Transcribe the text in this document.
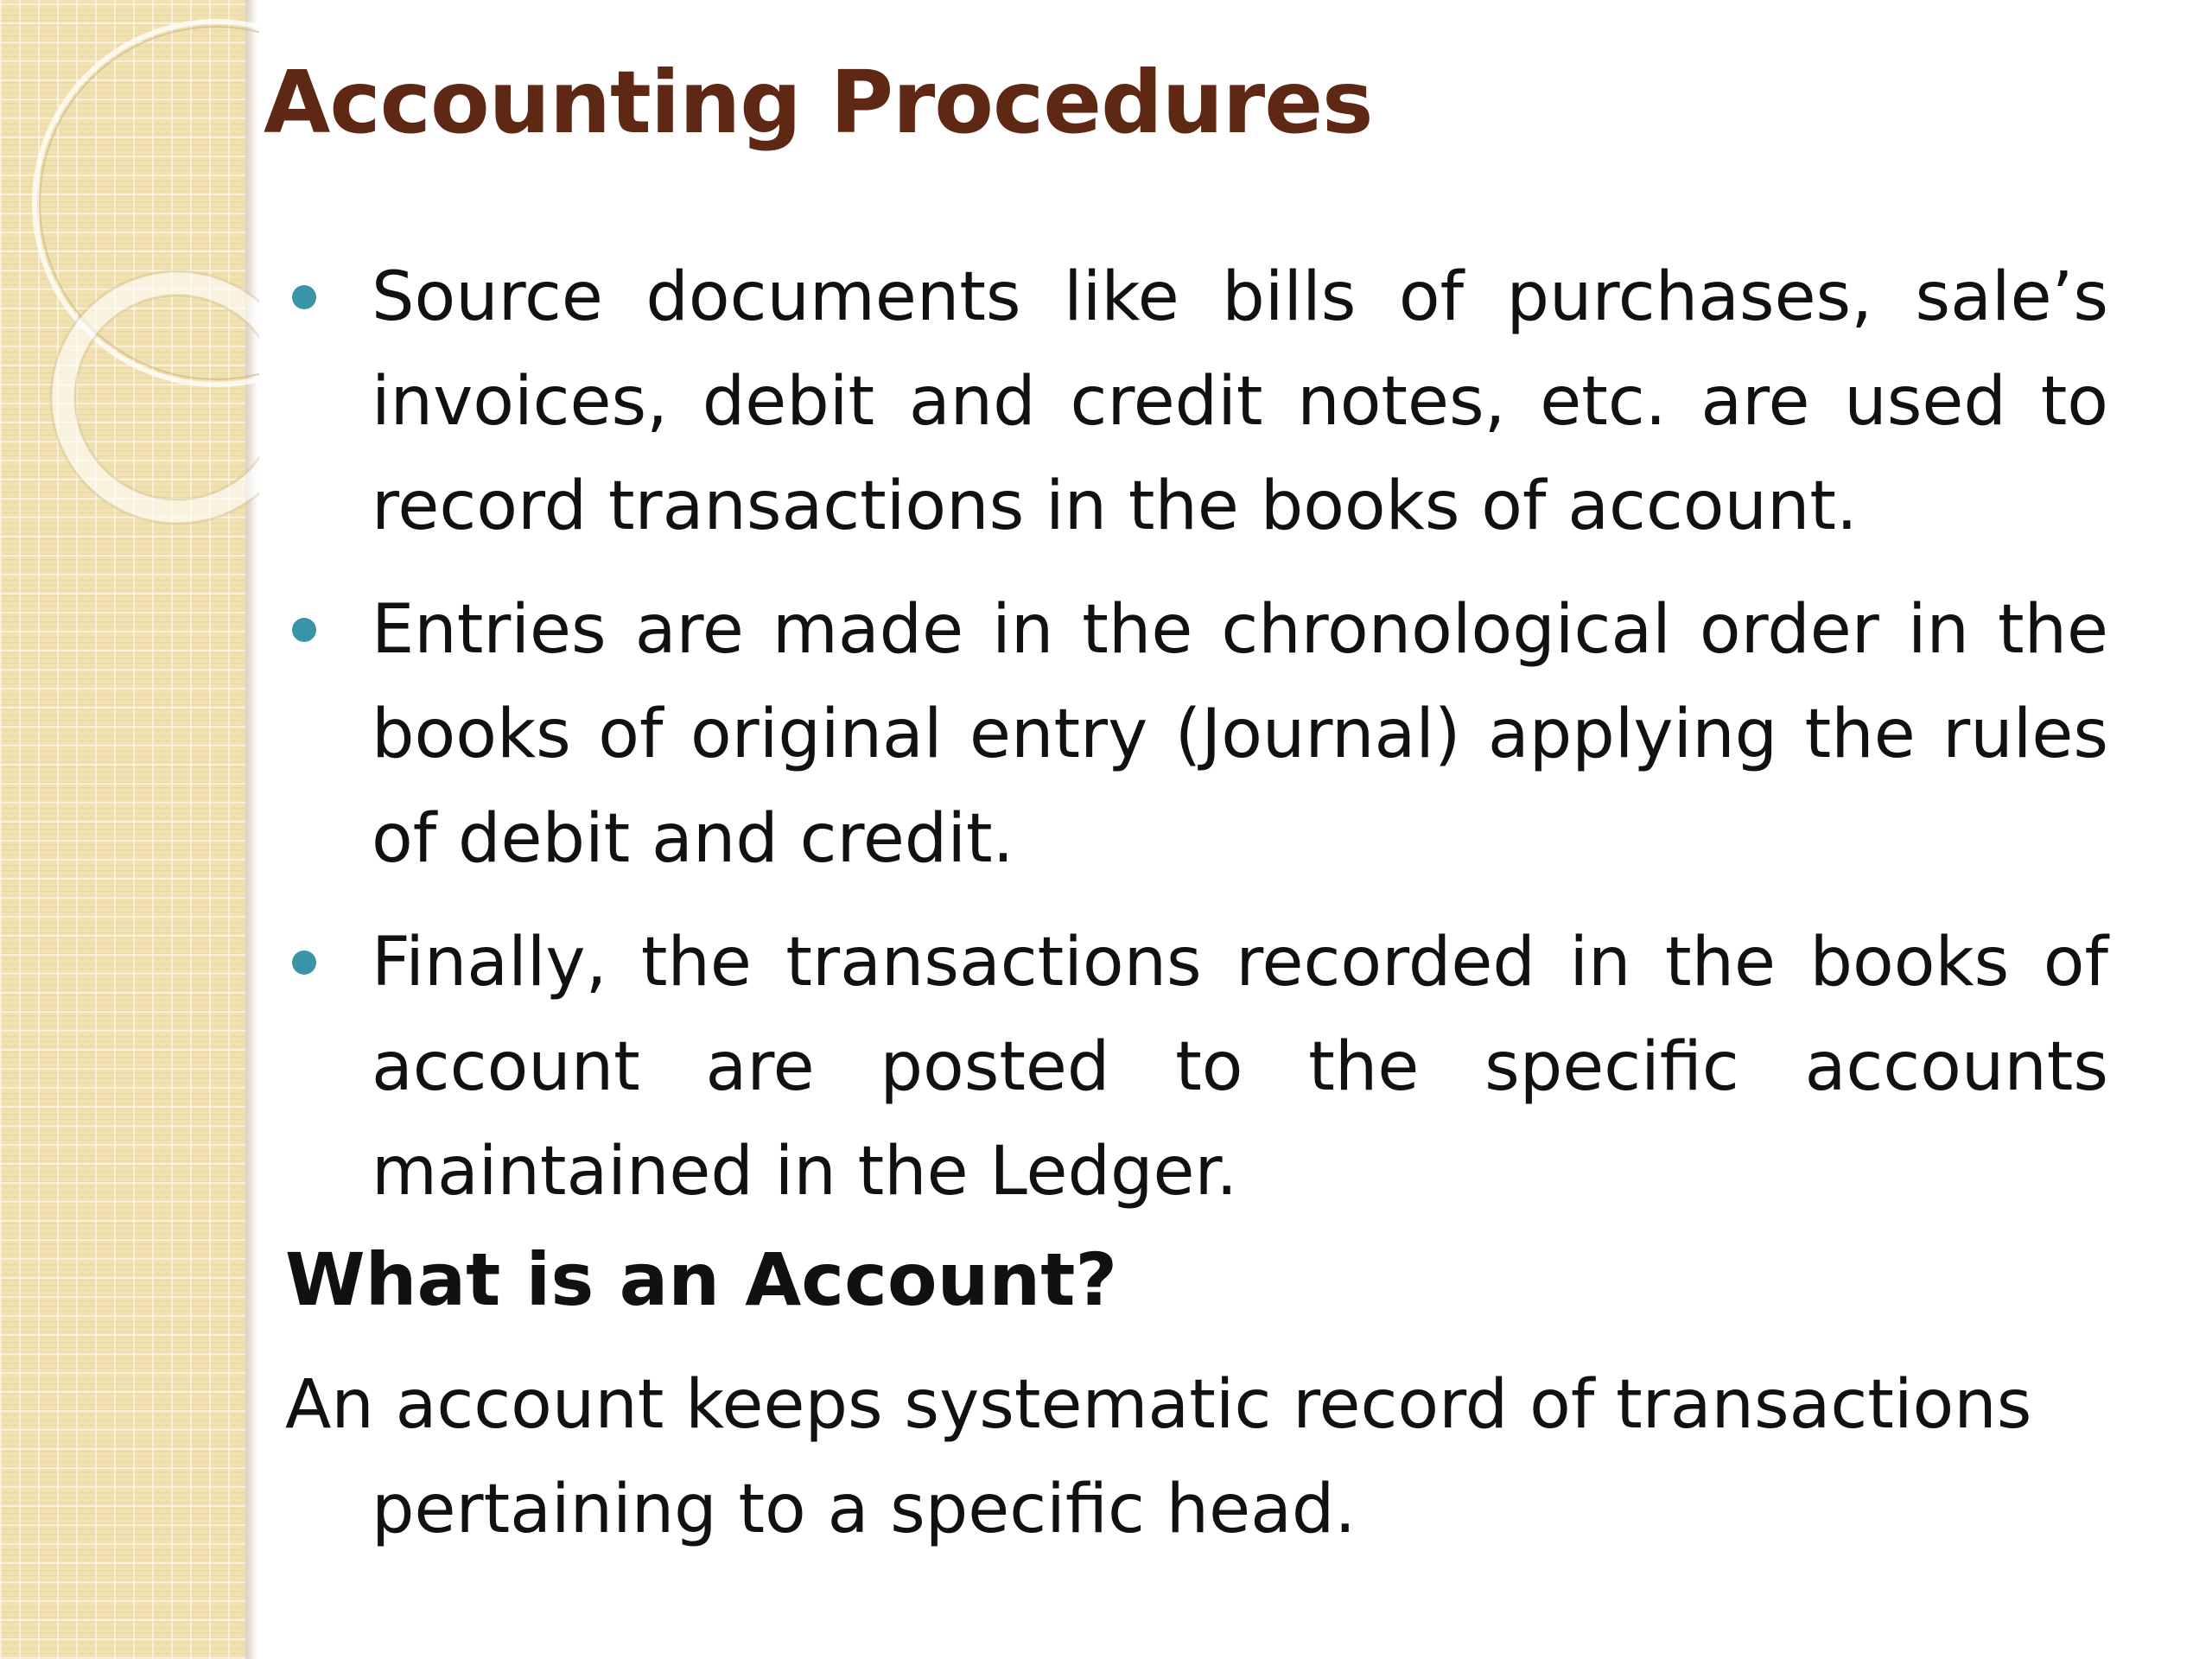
Accounting Procedures
Source documents like bills of purchases, sale’s invoices, debit and credit notes, etc. are used to record transactions in the books of account.
Entries are made in the chronological order in the books of original entry (Journal) applying the rules of debit and credit.
Finally, the transactions recorded in the books of account are posted to the specific accounts maintained in the Ledger.
What is an Account?

An account keeps systematic record of transactions pertaining to a specific head.
